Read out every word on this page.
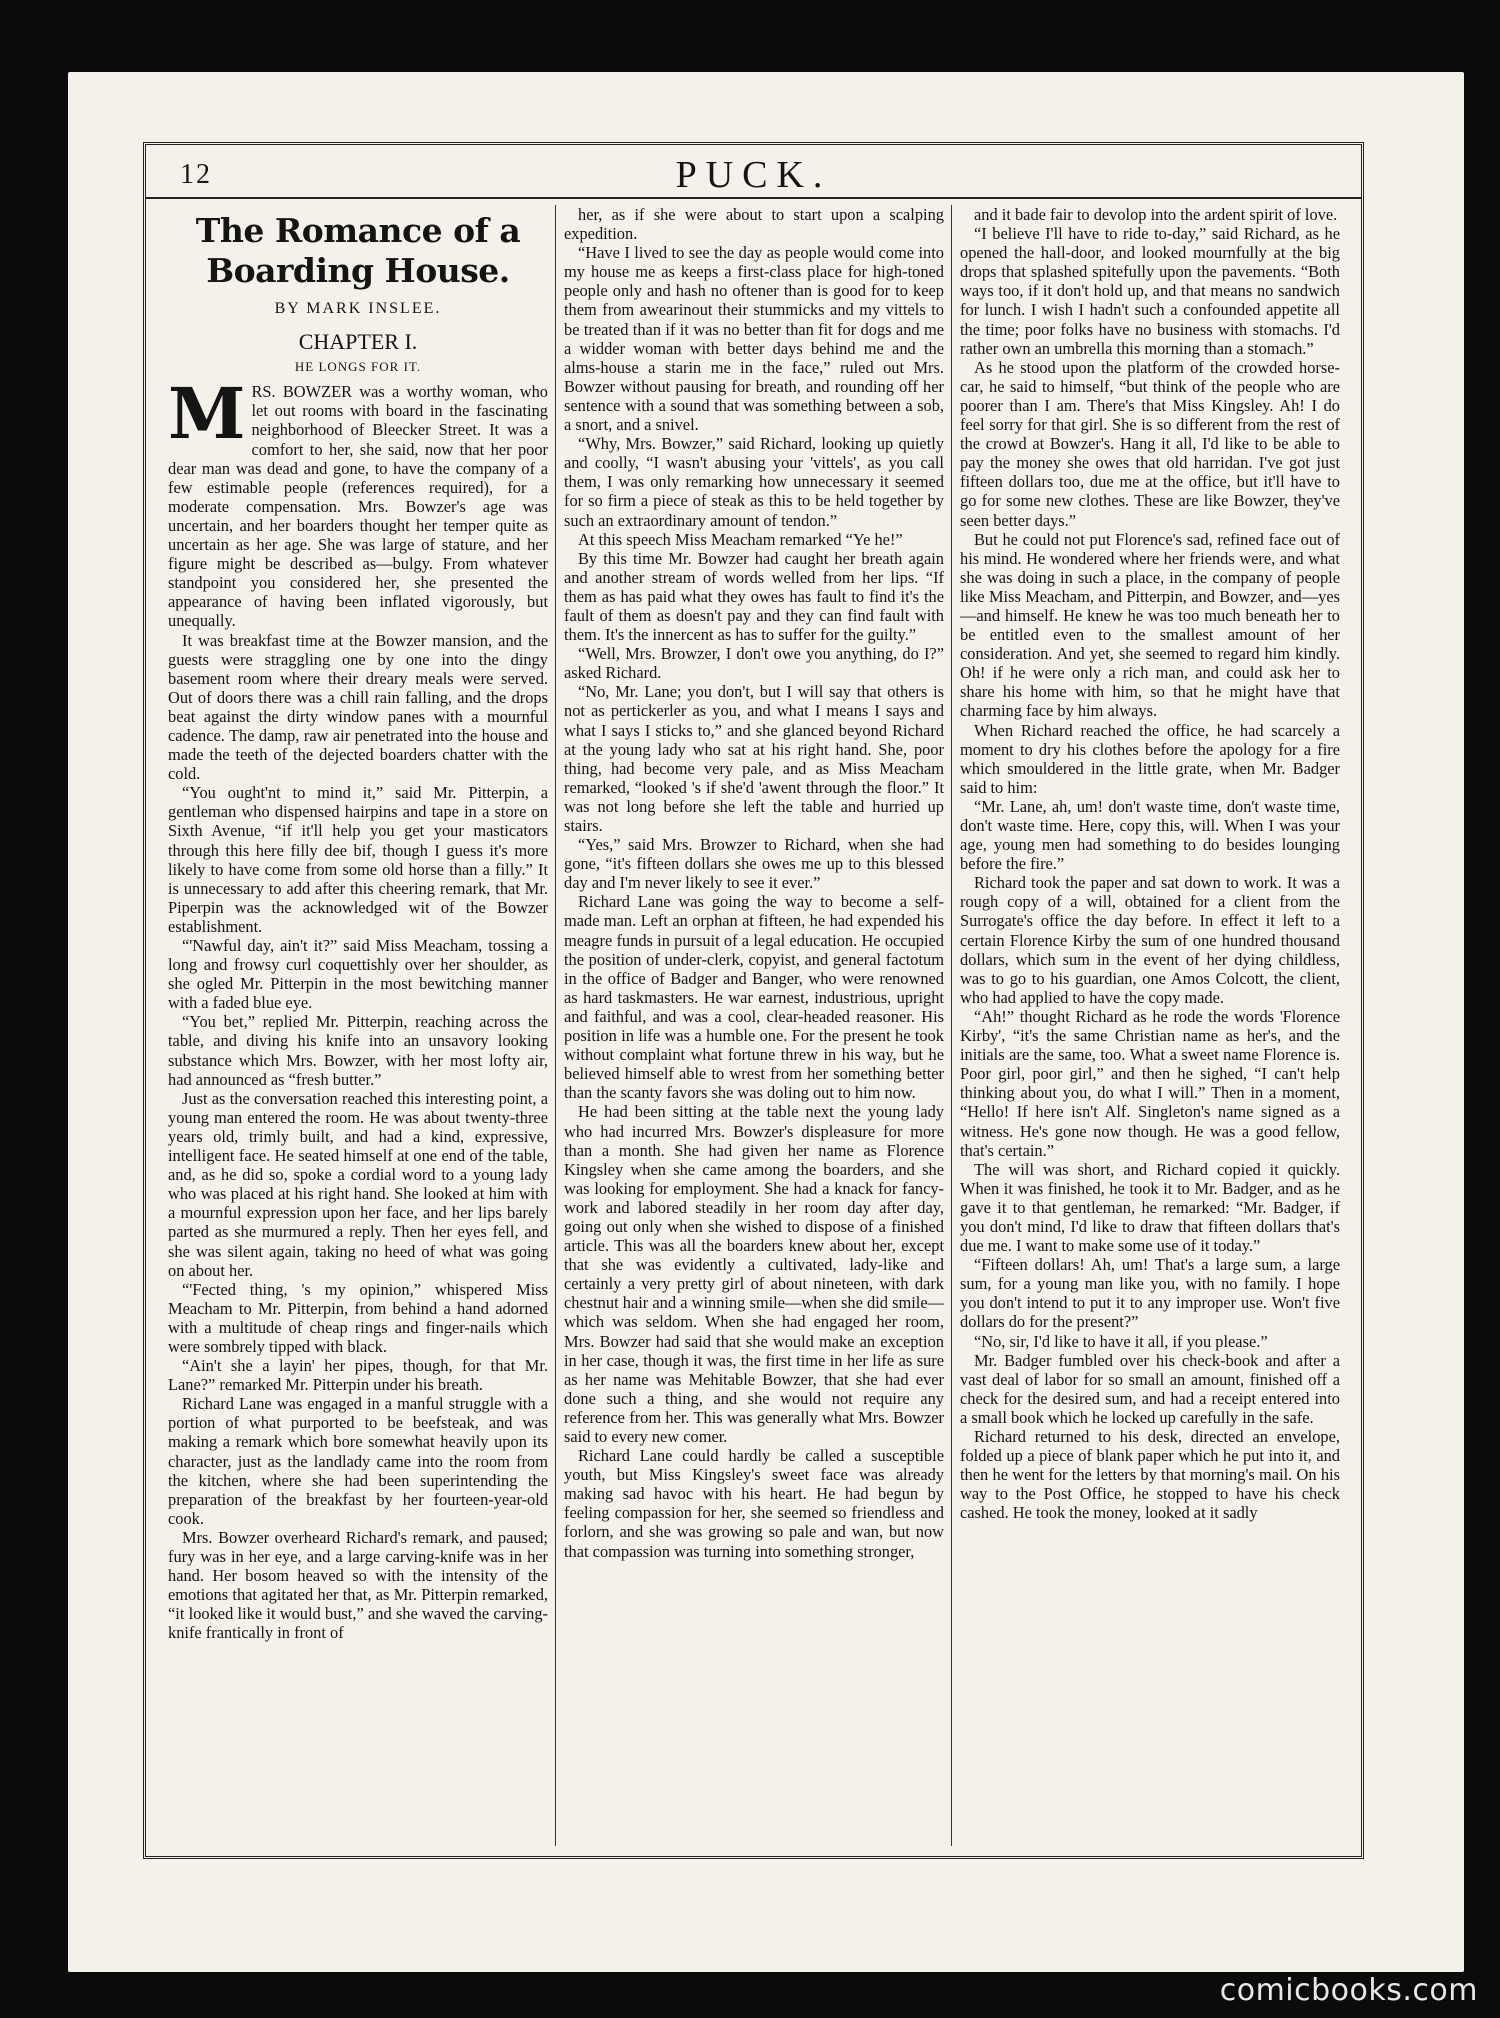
12	PUCK.
The Romance of a Boarding House.
BY MARK INSLEE.
CHAPTER I.
HE LONGS FOR IT.

MRS. BOWZER was a worthy woman, who let out rooms with board in the fascinating neighborhood of Bleecker Street. It was a comfort to her, she said, now that her poor dear man was dead and gone, to have the company of a few estimable people (references required), for a moderate compensation. Mrs. Bowzer's age was uncertain, and her boarders thought her temper quite as uncertain as her age. She was large of stature, and her figure might be described as—bulgy. From whatever standpoint you considered her, she presented the appearance of having been inflated vigorously, but unequally.

It was breakfast time at the Bowzer mansion, and the guests were straggling one by one into the dingy basement room where their dreary meals were served. Out of doors there was a chill rain falling, and the drops beat against the dirty window panes with a mournful cadence. The damp, raw air penetrated into the house and made the teeth of the dejected boarders chatter with the cold.

“You ought'nt to mind it,” said Mr. Pitterpin, a gentleman who dispensed hairpins and tape in a store on Sixth Avenue, “if it'll help you get your masticators through this here filly dee bif, though I guess it's more likely to have come from some old horse than a filly.” It is unnecessary to add after this cheering remark, that Mr. Piperpin was the acknowledged wit of the Bowzer establishment.

“'Nawful day, ain't it?” said Miss Meacham, tossing a long and frowsy curl coquettishly over her shoulder, as she ogled Mr. Pitterpin in the most bewitching manner with a faded blue eye.

“You bet,” replied Mr. Pitterpin, reaching across the table, and diving his knife into an unsavory looking substance which Mrs. Bowzer, with her most lofty air, had announced as “fresh butter.”

Just as the conversation reached this interesting point, a young man entered the room. He was about twenty-three years old, trimly built, and had a kind, expressive, intelligent face. He seated himself at one end of the table, and, as he did so, spoke a cordial word to a young lady who was placed at his right hand. She looked at him with a mournful expression upon her face, and her lips barely parted as she murmured a reply. Then her eyes fell, and she was silent again, taking no heed of what was going on about her.

“'Fected thing, 's my opinion,” whispered Miss Meacham to Mr. Pitterpin, from behind a hand adorned with a multitude of cheap rings and finger-nails which were sombrely tipped with black.

“Ain't she a layin' her pipes, though, for that Mr. Lane?” remarked Mr. Pitterpin under his breath.

Richard Lane was engaged in a manful struggle with a portion of what purported to be beefsteak, and was making a remark which bore somewhat heavily upon its character, just as the landlady came into the room from the kitchen, where she had been superintending the preparation of the breakfast by her fourteen-year-old cook.

Mrs. Bowzer overheard Richard's remark, and paused; fury was in her eye, and a large carving-knife was in her hand. Her bosom heaved so with the intensity of the emotions that agitated her that, as Mr. Pitterpin remarked, “it looked like it would bust,” and she waved the carving-knife frantically in front of

her, as if she were about to start upon a scalping expedition.

“Have I lived to see the day as people would come into my house me as keeps a first-class place for high-toned people only and hash no oftener than is good for to keep them from awearinout their stummicks and my vittels to be treated than if it was no better than fit for dogs and me a widder woman with better days behind me and the alms-house a starin me in the face,” ruled out Mrs. Bowzer without pausing for breath, and rounding off her sentence with a sound that was something between a sob, a snort, and a snivel.

“Why, Mrs. Bowzer,” said Richard, looking up quietly and coolly, “I wasn't abusing your 'vittels', as you call them, I was only remarking how unnecessary it seemed for so firm a piece of steak as this to be held together by such an extraordinary amount of tendon.”

At this speech Miss Meacham remarked “Ye he!”

By this time Mr. Bowzer had caught her breath again and another stream of words welled from her lips. “If them as has paid what they owes has fault to find it's the fault of them as doesn't pay and they can find fault with them. It's the innercent as has to suffer for the guilty.”

“Well, Mrs. Browzer, I don't owe you anything, do I?” asked Richard.

“No, Mr. Lane; you don't, but I will say that others is not as pertickerler as you, and what I means I says and what I says I sticks to,” and she glanced beyond Richard at the young lady who sat at his right hand. She, poor thing, had become very pale, and as Miss Meacham remarked, “looked 's if she'd 'awent through the floor.” It was not long before she left the table and hurried up stairs.

“Yes,” said Mrs. Browzer to Richard, when she had gone, “it's fifteen dollars she owes me up to this blessed day and I'm never likely to see it ever.”

Richard Lane was going the way to become a self-made man. Left an orphan at fifteen, he had expended his meagre funds in pursuit of a legal education. He occupied the position of under-clerk, copyist, and general factotum in the office of Badger and Banger, who were renowned as hard taskmasters. He war earnest, industrious, upright and faithful, and was a cool, clear-headed reasoner. His position in life was a humble one. For the present he took without complaint what fortune threw in his way, but he believed himself able to wrest from her something better than the scanty favors she was doling out to him now.

He had been sitting at the table next the young lady who had incurred Mrs. Bowzer's displeasure for more than a month. She had given her name as Florence Kingsley when she came among the boarders, and she was looking for employment. She had a knack for fancy-work and labored steadily in her room day after day, going out only when she wished to dispose of a finished article. This was all the boarders knew about her, except that she was evidently a cultivated, lady-like and certainly a very pretty girl of about nineteen, with dark chestnut hair and a winning smile—when she did smile—which was seldom. When she had engaged her room, Mrs. Bowzer had said that she would make an exception in her case, though it was, the first time in her life as sure as her name was Mehitable Bowzer, that she had ever done such a thing, and she would not require any reference from her. This was generally what Mrs. Bowzer said to every new comer.

Richard Lane could hardly be called a susceptible youth, but Miss Kingsley's sweet face was already making sad havoc with his heart. He had begun by feeling compassion for her, she seemed so friendless and forlorn, and she was growing so pale and wan, but now that compassion was turning into something stronger,

and it bade fair to devolop into the ardent spirit of love.

“I believe I'll have to ride to-day,” said Richard, as he opened the hall-door, and looked mournfully at the big drops that splashed spitefully upon the pavements. “Both ways too, if it don't hold up, and that means no sandwich for lunch. I wish I hadn't such a confounded appetite all the time; poor folks have no business with stomachs. I'd rather own an umbrella this morning than a stomach.”

As he stood upon the platform of the crowded horse-car, he said to himself, “but think of the people who are poorer than I am. There's that Miss Kingsley. Ah! I do feel sorry for that girl. She is so different from the rest of the crowd at Bowzer's. Hang it all, I'd like to be able to pay the money she owes that old harridan. I've got just fifteen dollars too, due me at the office, but it'll have to go for some new clothes. These are like Bowzer, they've seen better days.”

But he could not put Florence's sad, refined face out of his mind. He wondered where her friends were, and what she was doing in such a place, in the company of people like Miss Meacham, and Pitterpin, and Bowzer, and—yes—and himself. He knew he was too much beneath her to be entitled even to the smallest amount of her consideration. And yet, she seemed to regard him kindly. Oh! if he were only a rich man, and could ask her to share his home with him, so that he might have that charming face by him always.

When Richard reached the office, he had scarcely a moment to dry his clothes before the apology for a fire which smouldered in the little grate, when Mr. Badger said to him:

“Mr. Lane, ah, um! don't waste time, don't waste time, don't waste time. Here, copy this, will. When I was your age, young men had something to do besides lounging before the fire.”

Richard took the paper and sat down to work. It was a rough copy of a will, obtained for a client from the Surrogate's office the day before. In effect it left to a certain Florence Kirby the sum of one hundred thousand dollars, which sum in the event of her dying childless, was to go to his guardian, one Amos Colcott, the client, who had applied to have the copy made.

“Ah!” thought Richard as he rode the words 'Florence Kirby', “it's the same Christian name as her's, and the initials are the same, too. What a sweet name Florence is. Poor girl, poor girl,” and then he sighed, “I can't help thinking about you, do what I will.” Then in a moment, “Hello! If here isn't Alf. Singleton's name signed as a witness. He's gone now though. He was a good fellow, that's certain.”

The will was short, and Richard copied it quickly. When it was finished, he took it to Mr. Badger, and as he gave it to that gentleman, he remarked: “Mr. Badger, if you don't mind, I'd like to draw that fifteen dollars that's due me. I want to make some use of it today.”

“Fifteen dollars! Ah, um! That's a large sum, a large sum, for a young man like you, with no family. I hope you don't intend to put it to any improper use. Won't five dollars do for the present?”

“No, sir, I'd like to have it all, if you please.”

Mr. Badger fumbled over his check-book and after a vast deal of labor for so small an amount, finished off a check for the desired sum, and had a receipt entered into a small book which he locked up carefully in the safe.

Richard returned to his desk, directed an envelope, folded up a piece of blank paper which he put into it, and then he went for the letters by that morning's mail. On his way to the Post Office, he stopped to have his check cashed. He took the money, looked at it sadly

comicbooks.com
